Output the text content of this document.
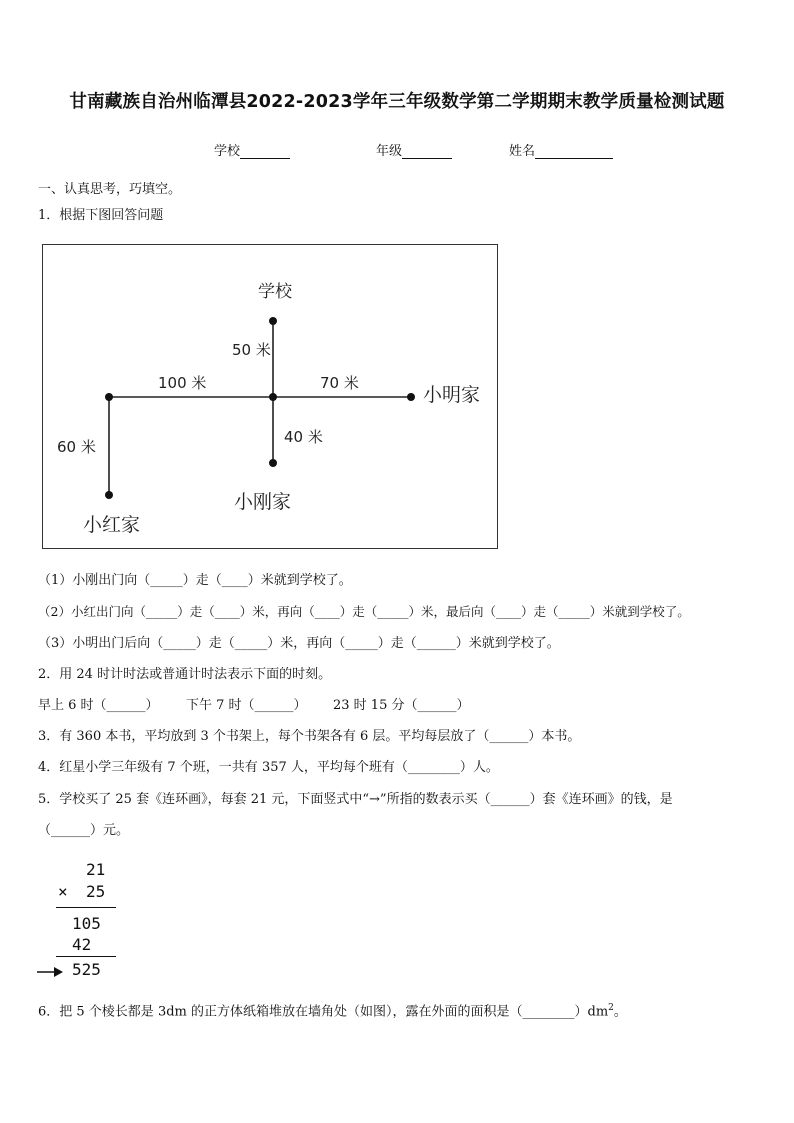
甘南藏族自治州临潭县2022-2023学年三年级数学第二学期期末教学质量检测试题
学校	年级	姓名
一、认真思考，巧填空。
1．根据下图回答问题
学校
50 米
100 米	70 米
小明家
40 米
60 米
小刚家
小红家
（1）小刚出门向（_____）走（____）米就到学校了。
（2）小红出门向（_____）走（____）米，再向（____）走（_____）米，最后向（____）走（_____）米就到学校了。
（3）小明出门后向（_____）走（_____）米，再向（_____）走（______）米就到学校了。
2．用 24 时计时法或普通计时法表示下面的时刻。
早上 6 时（______） 下午 7 时（______） 23 时 15 分（______）
3．有 360 本书，平均放到 3 个书架上，每个书架各有 6 层。平均每层放了（______）本书。
4．红星小学三年级有 7 个班，一共有 357 人，平均每个班有（________）人。
5．学校买了 25 套《连环画》，每套 21 元，下面竖式中“→”所指的数表示买（______）套《连环画》的钱，是
（______）元。
21
× 25
105
42
525
6．把 5 个棱长都是 3dm 的正方体纸箱堆放在墙角处（如图），露在外面的面积是$(\_\_\_\_\_\_\_\_)dm^2$。
